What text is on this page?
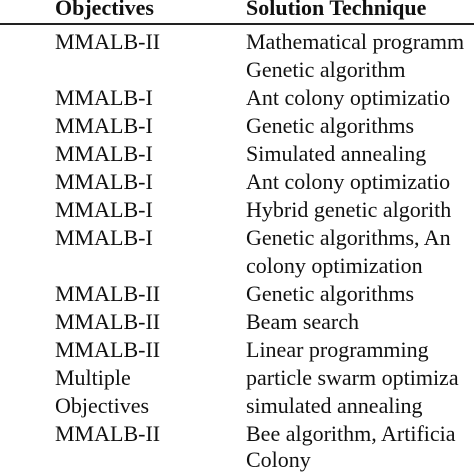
Objectives	Solution Technique
MMALB-II	Mathematical programm
Genetic algorithm
MMALB-I	Ant colony optimizatio
MMALB-I	Genetic algorithms
MMALB-I	Simulated annealing
MMALB-I	Ant colony optimizatio
MMALB-I	Hybrid genetic algorith
MMALB-I	Genetic algorithms, An
colony optimization
MMALB-II	Genetic algorithms
MMALB-II	Beam search
MMALB-II	Linear programming
Multiple	particle swarm optimiza
Objectives	simulated annealing
MMALB-II	Bee algorithm, Artificia
Colony
